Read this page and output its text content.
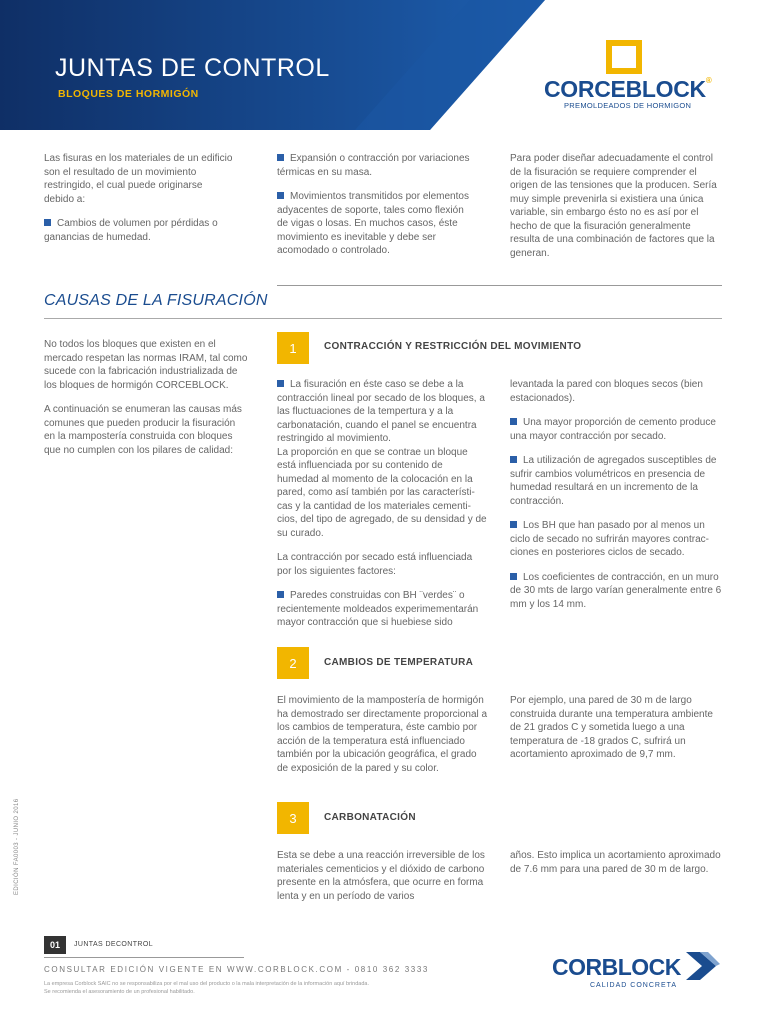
JUNTAS DE CONTROL
BLOQUES DE HORMIGÓN	CORCEBLOCK®
PREMOLDEADOS DE HORMIGON

Las fisuras en los materiales de un edificio son el resultado de un movimiento restringido, el cual puede originarse debido a:

Cambios de volumen por pérdidas o ganancias de humedad.

Expansión o contracción por variaciones térmicas en su masa.

Movimientos transmitidos por elementos adyacentes de soporte, tales como flexión de vigas o losas. En muchos casos, éste movimiento es inevitable y debe ser acomodado o controlado.

Para poder diseñar adecuadamente el control de la fisuración se requiere comprender el origen de las tensiones que la producen. Sería muy simple prevenirla si existiera una única variable, sin embargo ésto no es así por el hecho de que la fisuración generalmente resulta de una combinación de factores que la generan.

CAUSAS DE LA FISURACIÓN

No todos los bloques que existen en el mercado respetan las normas IRAM, tal como sucede con la fabricación industrializada de los bloques de hormigón CORCEBLOCK.

A continuación se enumeran las causas más comunes que pueden producir la fisuración en la mampostería construida con bloques que no cumplen con los pilares de calidad:

1	CONTRACCIÓN Y RESTRICCIÓN DEL MOVIMIENTO
La fisuración en éste caso se debe a la contracción lineal por secado de los bloques, a las fluctuaciones de la tempertura y a la carbonatación, cuando el panel se encuentra restringido al movimiento.

La proporción en que se contrae un bloque está influenciada por su contenido de humedad al momento de la colocación en la pared, como así también por las característi-cas y la cantidad de los materiales cementi-cios, del tipo de agregado, de su densidad y de su curado.

La contracción por secado está influenciada por los siguientes factores:

Paredes construidas con BH ¨verdes¨ o recientemente moldeados experimementarán mayor contracción que si huebiese sido

levantada la pared con bloques secos (bien estacionados).

Una mayor proporción de cemento produce una mayor contracción por secado.

La utilización de agregados susceptibles de sufrir cambios volumétricos en presencia de humedad resultará en un incremento de la contracción.

Los BH que han pasado por al menos un ciclo de secado no sufrirán mayores contrac-ciones en posteriores ciclos de secado.

Los coeficientes de contracción, en un muro de 30 mts de largo varían generalmente entre 6 mm y los 14 mm.

2	CAMBIOS DE TEMPERATURA

El movimiento de la mampostería de hormigón ha demostrado ser directamente proporcional a los cambios de temperatura, éste cambio por acción de la temperatura está influenciado también por la ubicación geográfica, el grado de exposición de la pared y su color.

Por ejemplo, una pared de 30 m de largo construida durante una temperatura ambiente de 21 grados C y sometida luego a una temperatura de -18 grados C, sufrirá un acortamiento aproximado de 9,7 mm.

3	CARBONATACIÓN

Esta se debe a una reacción irreversible de los materiales cementicios y el dióxido de carbono presente en la atmósfera, que ocurre en forma lenta y en un período de varios

años. Esto implica un acortamiento aproximado de 7.6 mm para una pared de 30 m de largo.

EDICIÓN FA0003 - JUNIO 2016
01	JUNTAS DECONTROL
CONSULTAR EDICIÓN VIGENTE EN WWW.CORBLOCK.COM - 0810 362 3333
La empresa Corblock SAIC no se responsabiliza por el mal uso del producto o la mala interpretación de la información aquí brindada.
Se recomienda el asesoramiento de un profesional habilitado.
CORBLOCK
CALIDAD CONCRETA
